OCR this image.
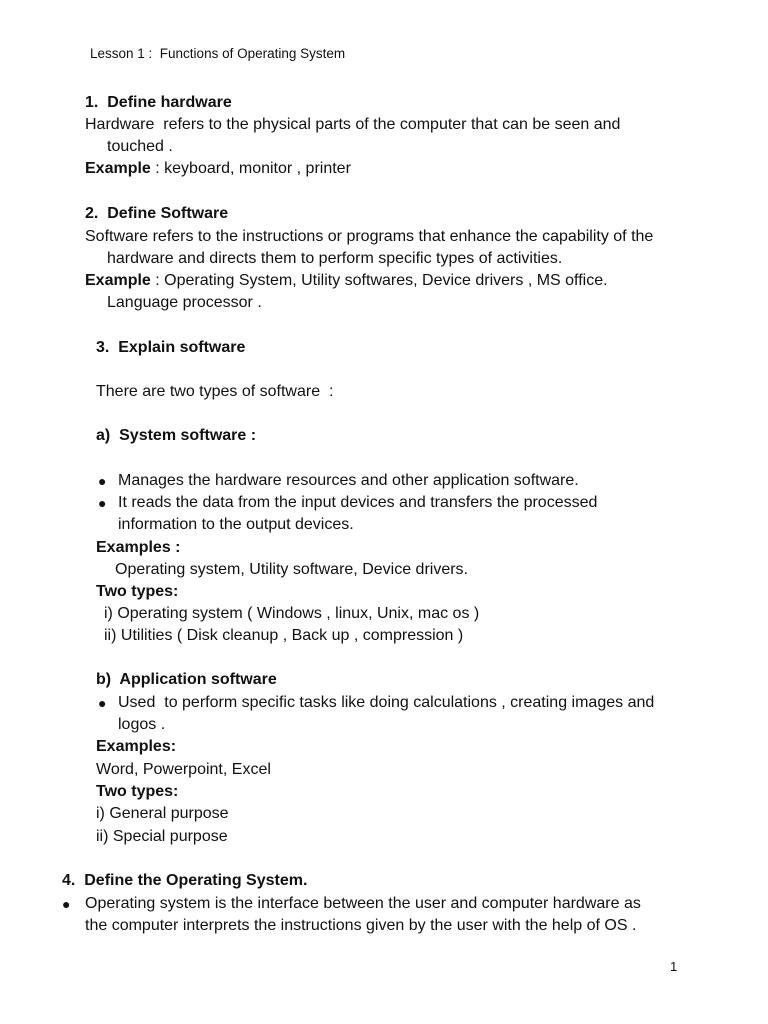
Lesson 1 :  Functions of Operating System
1.  Define hardware
Hardware  refers to the physical parts of the computer that can be seen and
touched .
Example : keyboard, monitor , printer
2.  Define Software
Software refers to the instructions or programs that enhance the capability of the
hardware and directs them to perform specific types of activities.
Example : Operating System, Utility softwares, Device drivers , MS office.
Language processor .
3.  Explain software
There are two types of software  :
a)  System software :
● Manages the hardware resources and other application software.
● It reads the data from the input devices and transfers the processed
information to the output devices.
Examples :
Operating system, Utility software, Device drivers.
Two types:
i) Operating system ( Windows , linux, Unix, mac os )
ii) Utilities ( Disk cleanup , Back up , compression )
b)  Application software
● Used  to perform specific tasks like doing calculations , creating images and
logos .
Examples:
Word, Powerpoint, Excel
Two types:
i) General purpose
ii) Special purpose
4.  Define the Operating System.
● Operating system is the interface between the user and computer hardware as
the computer interprets the instructions given by the user with the help of OS .
1
